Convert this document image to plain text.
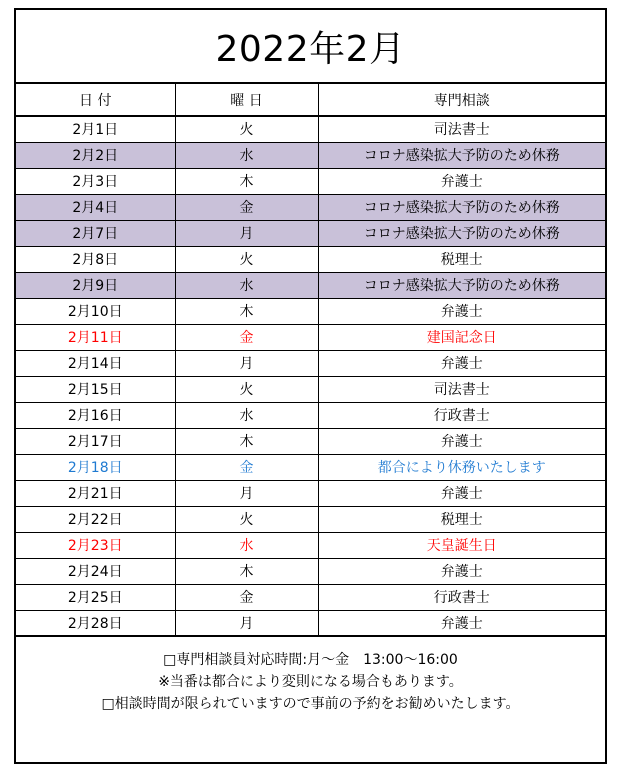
2022年2月
日 付	曜 日	専門相談
2月1日	火	司法書士
2月2日	水	コロナ感染拡大予防のため休務
2月3日	木	弁護士
2月4日	金	コロナ感染拡大予防のため休務
2月7日	月	コロナ感染拡大予防のため休務
2月8日	火	税理士
2月9日	水	コロナ感染拡大予防のため休務
2月10日	木	弁護士
2月11日	金	建国記念日
2月14日	月	弁護士
2月15日	火	司法書士
2月16日	水	行政書士
2月17日	木	弁護士
2月18日	金	都合により休務いたします
2月21日	月	弁護士
2月22日	火	税理士
2月23日	水	天皇誕生日
2月24日	木	弁護士
2月25日	金	行政書士
2月28日	月	弁護士
□専門相談員対応時間:月～金　13:00～16:00
※当番は都合により変則になる場合もあります。
□相談時間が限られていますので事前の予約をお勧めいたします。
